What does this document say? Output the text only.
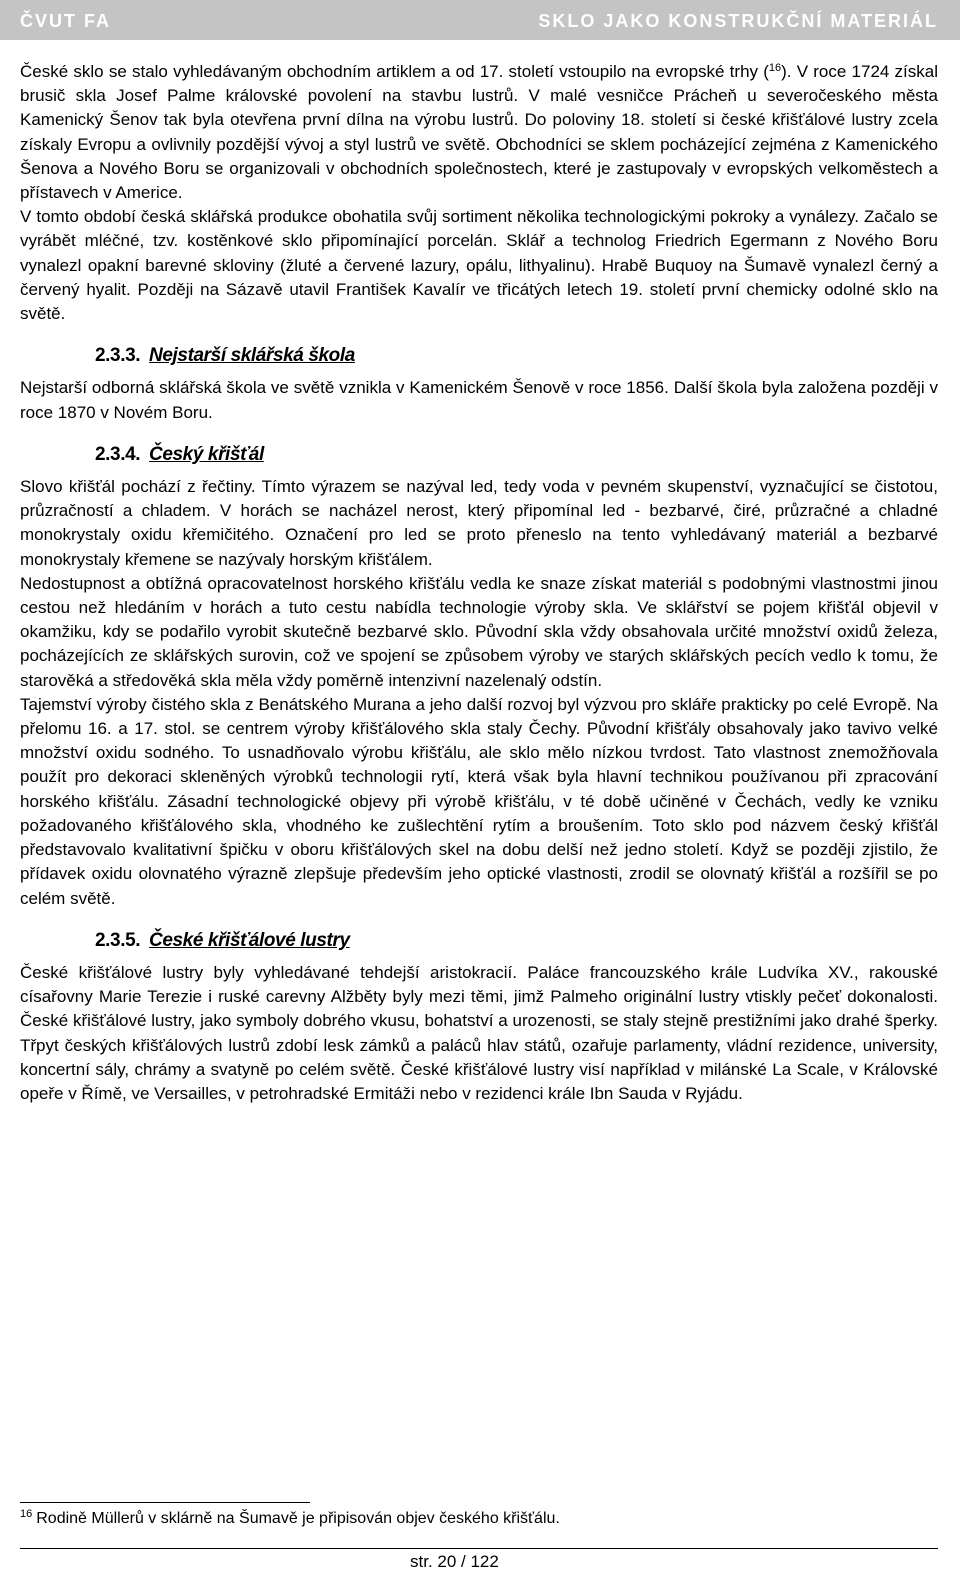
ČVUT FA	SKLO JAKO KONSTRUKČNÍ MATERIÁL

České sklo se stalo vyhledávaným obchodním artiklem a od 17. století vstoupilo na evropské trhy ($^{16}$). V roce 1724 získal brusič skla Josef Palme královské povolení na stavbu lustrů. V malé vesničce Prácheň u severočeského města Kamenický Šenov tak byla otevřena první dílna na výrobu lustrů. Do poloviny 18. století si české křišťálové lustry zcela získaly Evropu a ovlivnily pozdější vývoj a styl lustrů ve světě. Obchodníci se sklem pocházející zejména z Kamenického Šenova a Nového Boru se organizovali v obchodních společnostech, které je zastupovaly v evropských velkoměstech a přístavech v Americe.

V tomto období česká sklářská produkce obohatila svůj sortiment několika technologickými pokroky a vynálezy. Začalo se vyrábět mléčné, tzv. kostěnkové sklo připomínající porcelán. Sklář a technolog Friedrich Egermann z Nového Boru vynalezl opakní barevné skloviny (žluté a červené lazury, opálu, lithyalinu). Hrabě Buquoy na Šumavě vynalezl černý a červený hyalit. Později na Sázavě utavil František Kavalír ve třicátých letech 19. století první chemicky odolné sklo na světě.

2.3.3. Nejstarší sklářská škola

Nejstarší odborná sklářská škola ve světě vznikla v Kamenickém Šenově v roce 1856. Další škola byla založena později v roce 1870 v Novém Boru.

2.3.4. Český křišťál

Slovo křišťál pochází z řečtiny. Tímto výrazem se nazýval led, tedy voda v pevném skupenství, vyznačující se čistotou, průzračností a chladem. V horách se nacházel nerost, který připomínal led - bezbarvé, čiré, průzračné a chladné monokrystaly oxidu křemičitého. Označení pro led se proto přeneslo na tento vyhledávaný materiál a bezbarvé monokrystaly křemene se nazývaly horským křišťálem.

Nedostupnost a obtížná opracovatelnost horského křišťálu vedla ke snaze získat materiál s podobnými vlastnostmi jinou cestou než hledáním v horách a tuto cestu nabídla technologie výroby skla. Ve sklářství se pojem křišťál objevil v okamžiku, kdy se podařilo vyrobit skutečně bezbarvé sklo. Původní skla vždy obsahovala určité množství oxidů železa, pocházejících ze sklářských surovin, což ve spojení se způsobem výroby ve starých sklářských pecích vedlo k tomu, že starověká a středověká skla měla vždy poměrně intenzivní nazelenalý odstín.

Tajemství výroby čistého skla z Benátského Murana a jeho další rozvoj byl výzvou pro skláře prakticky po celé Evropě. Na přelomu 16. a 17. stol. se centrem výroby křišťálového skla staly Čechy. Původní křišťály obsahovaly jako tavivo velké množství oxidu sodného. To usnadňovalo výrobu křišťálu, ale sklo mělo nízkou tvrdost. Tato vlastnost znemožňovala použít pro dekoraci skleněných výrobků technologii rytí, která však byla hlavní technikou používanou při zpracování horského křišťálu. Zásadní technologické objevy při výrobě křišťálu, v té době učiněné v Čechách, vedly ke vzniku požadovaného křišťálového skla, vhodného ke zušlechtění rytím a broušením. Toto sklo pod názvem český křišťál představovalo kvalitativní špičku v oboru křišťálových skel na dobu delší než jedno století. Když se později zjistilo, že přídavek oxidu olovnatého výrazně zlepšuje především jeho optické vlastnosti, zrodil se olovnatý křišťál a rozšířil se po celém světě.

2.3.5. České křišťálové lustry

České křišťálové lustry byly vyhledávané tehdejší aristokracií. Paláce francouzského krále Ludvíka XV., rakouské císařovny Marie Terezie i ruské carevny Alžběty byly mezi těmi, jimž Palmeho originální lustry vtiskly pečeť dokonalosti. České křišťálové lustry, jako symboly dobrého vkusu, bohatství a urozenosti, se staly stejně prestižními jako drahé šperky. Třpyt českých křišťálových lustrů zdobí lesk zámků a paláců hlav států, ozařuje parlamenty, vládní rezidence, university, koncertní sály, chrámy a svatyně po celém světě. České křišťálové lustry visí například v milánské La Scale, v Královské opeře v Římě, ve Versailles, v petrohradské Ermitáži nebo v rezidenci krále Ibn Sauda v Ryjádu.

$^{16}$ Rodině Müllerů v sklárně na Šumavě je připisován objev českého křišťálu.
str. 20 / 122
